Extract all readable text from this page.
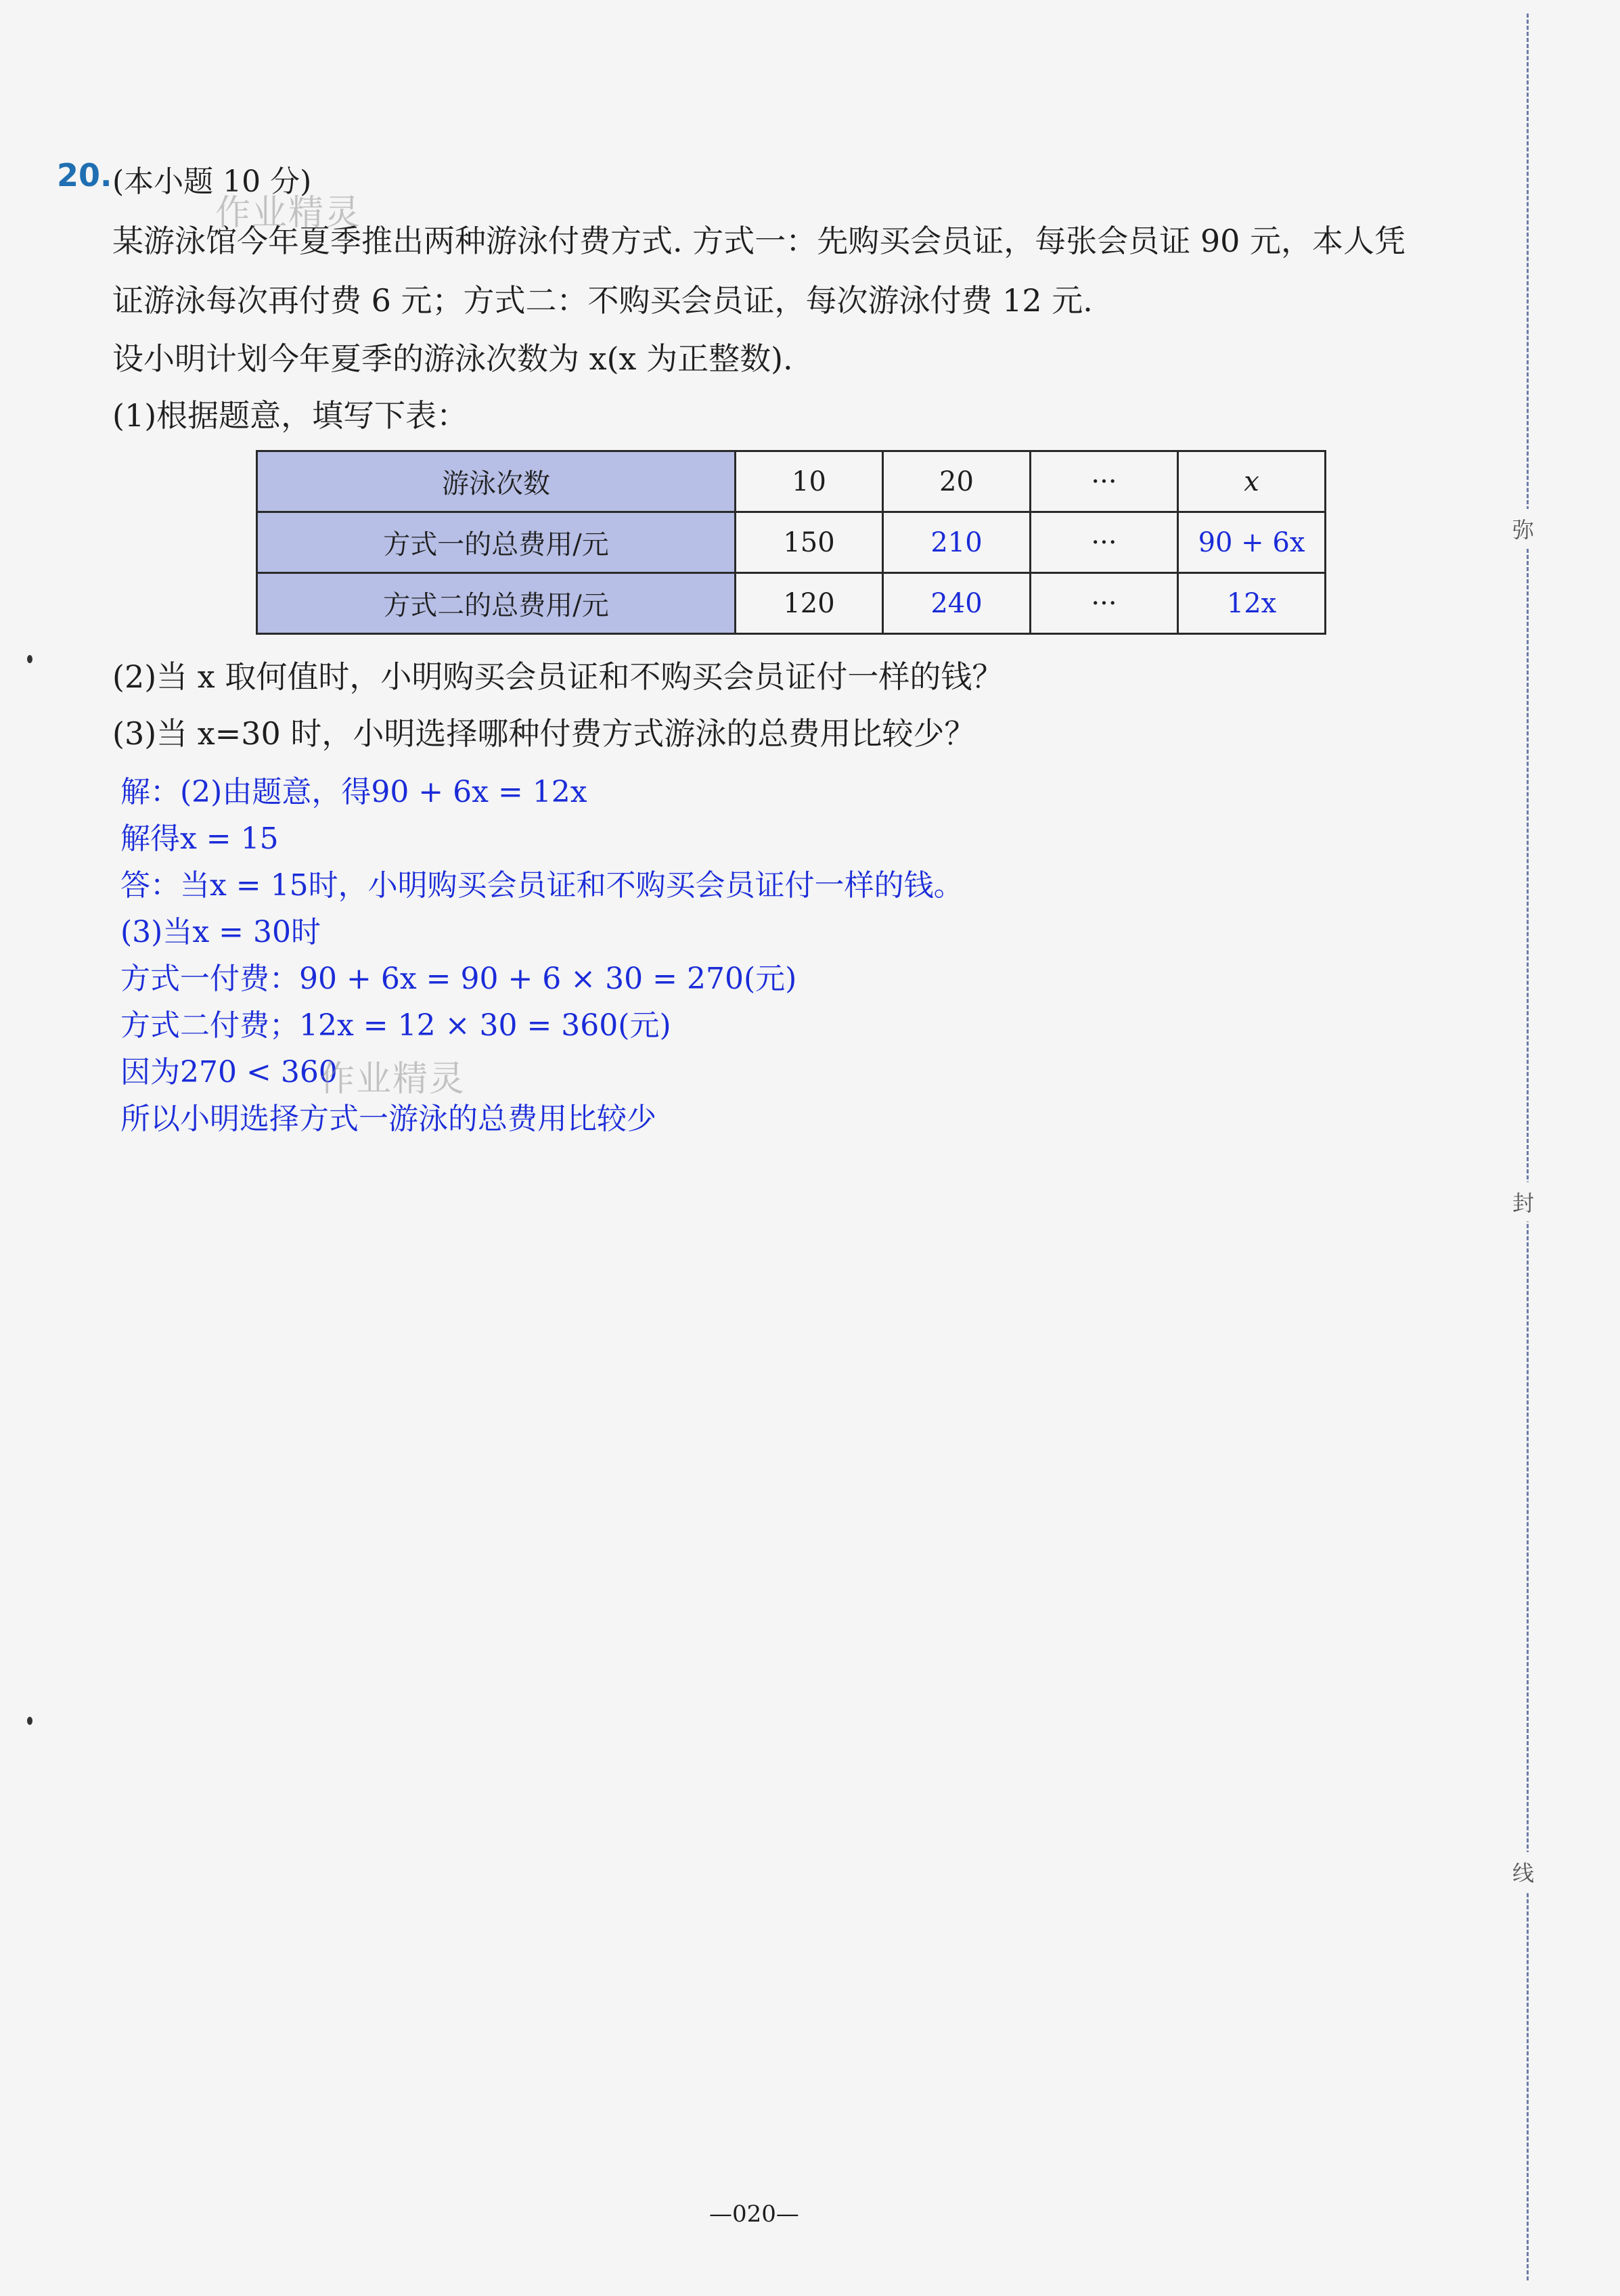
20. (本小题 10 分)
作业精灵
某游泳馆今年夏季推出两种游泳付费方式. 方式一：先购买会员证，每张会员证 90 元，本人凭
证游泳每次再付费 6 元；方式二：不购买会员证，每次游泳付费 12 元.
设小明计划今年夏季的游泳次数为 x(x 为正整数).
(1)根据题意，填写下表：
游泳次数	10	20	···	x
方式一的总费用/元	150	210	···	90 + 6x
方式二的总费用/元	120	240	···	12x
(2)当 x 取何值时，小明购买会员证和不购买会员证付一样的钱？
(3)当 x=30 时，小明选择哪种付费方式游泳的总费用比较少？
解：(2)由题意，得90 + 6x = 12x
解得x = 15
答：当x = 15时，小明购买会员证和不购买会员证付一样的钱。
(3)当x = 30时
方式一付费：90 + 6x = 90 + 6 × 30 = 270(元)
方式二付费；12x = 12 × 30 = 360(元)
因为270 < 360
作业精灵
所以小明选择方式一游泳的总费用比较少
弥
封
线
—020—
